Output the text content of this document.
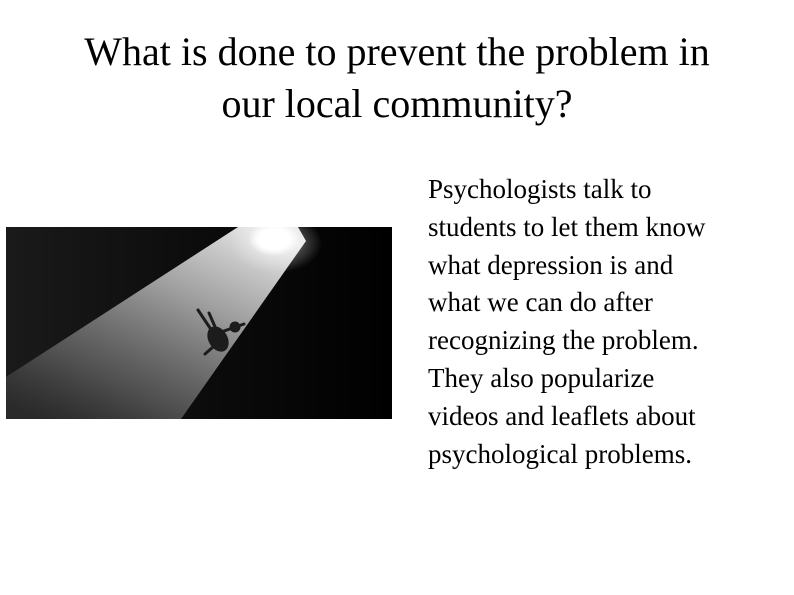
What is done to prevent the problem in
our local community?

Psychologists talk to
students to let them know
what depression is and
what we can do after
recognizing the problem.
They also popularize
videos and leaflets about
psychological problems.
